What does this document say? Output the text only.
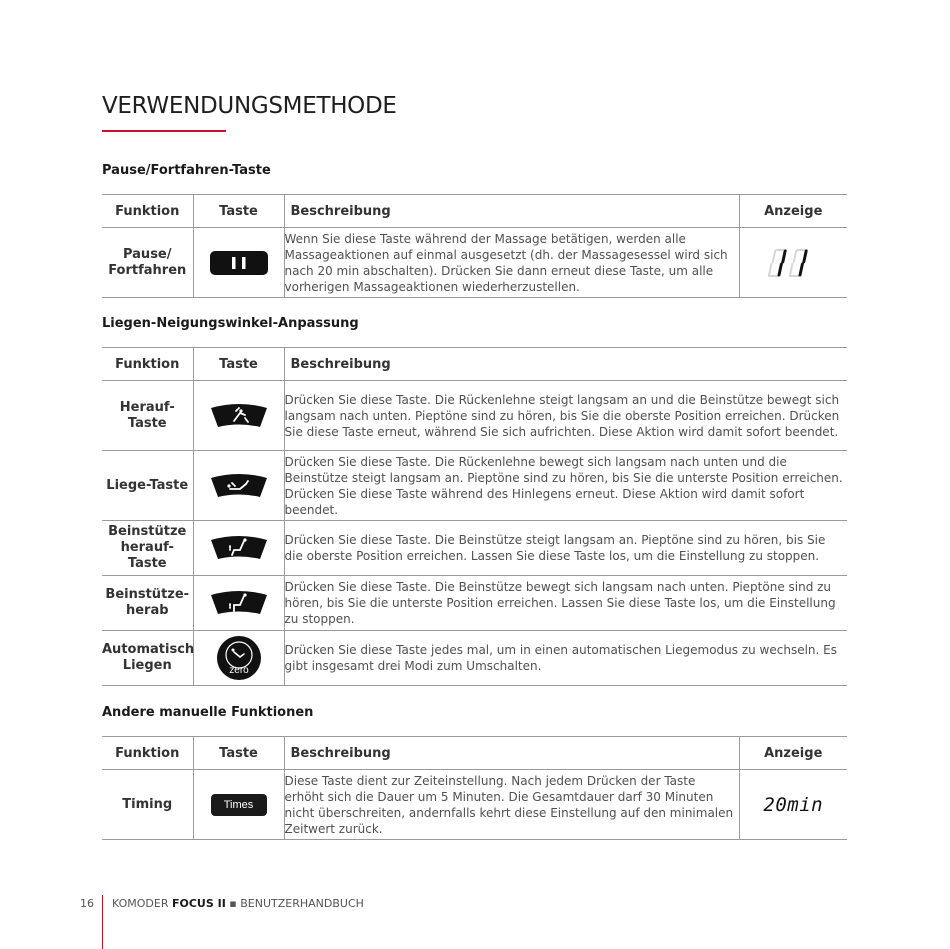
VERWENDUNGSMETHODE
Pause/Fortfahren-Taste
Funktion	Taste	Beschreibung	Anzeige
Pause/ Fortfahren		Wenn Sie diese Taste während der Massage betätigen, werden alle Massageaktionen auf einmal ausgesetzt (dh. der Massagesessel wird sich nach 20 min abschalten). Drücken Sie dann erneut diese Taste, um alle vorherigen Massageaktionen wiederherzustellen.	
Liegen-Neigungswinkel-Anpassung
Funktion	Taste	Beschreibung
Herauf- Taste		Drücken Sie diese Taste. Die Rückenlehne steigt langsam an und die Beinstütze bewegt sich langsam nach unten. Pieptöne sind zu hören, bis Sie die oberste Position erreichen. Drücken Sie diese Taste erneut, während Sie sich aufrichten. Diese Aktion wird damit sofort beendet.
Liege-Taste		Drücken Sie diese Taste. Die Rückenlehne bewegt sich langsam nach unten und die Beinstütze steigt langsam an. Pieptöne sind zu hören, bis Sie die unterste Position erreichen. Drücken Sie diese Taste während des Hinlegens erneut. Diese Aktion wird damit sofort beendet.
Beinstütze herauf- Taste		Drücken Sie diese Taste. Die Beinstütze steigt langsam an. Pieptöne sind zu hören, bis Sie die oberste Position erreichen. Lassen Sie diese Taste los, um die Einstellung zu stoppen.
Beinstütze- herab		Drücken Sie diese Taste. Die Beinstütze bewegt sich langsam nach unten. Pieptöne sind zu hören, bis Sie die unterste Position erreichen. Lassen Sie diese Taste los, um die Einstellung zu stoppen.
Automatisch Liegen	zero	Drücken Sie diese Taste jedes mal, um in einen automatischen Liegemodus zu wechseln. Es gibt insgesamt drei Modi zum Umschalten.
Andere manuelle Funktionen
Funktion	Taste	Beschreibung	Anzeige
Timing	Times	Diese Taste dient zur Zeiteinstellung. Nach jedem Drücken der Taste erhöht sich die Dauer um 5 Minuten. Die Gesamtdauer darf 30 Minuten nicht überschreiten, andernfalls kehrt diese Einstellung auf den minimalen Zeitwert zurück.	20min
16 KOMODER FOCUS II ▪ BENUTZERHANDBUCH
